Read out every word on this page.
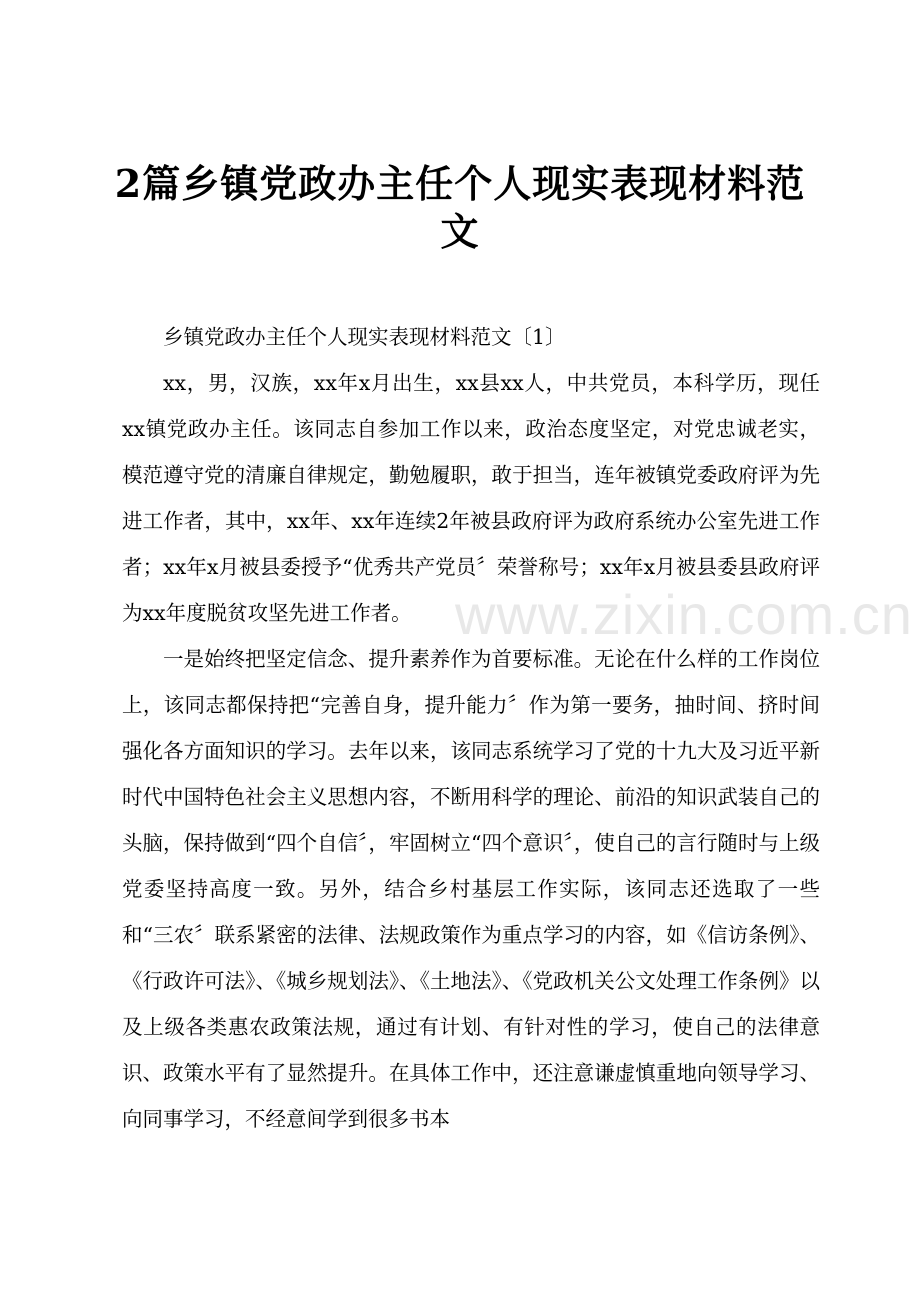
2篇乡镇党政办主任个人现实表现材料范文

乡镇党政办主任个人现实表现材料范文〔1〕

xx，男，汉族，xx年x月出生，xx县xx人，中共党员，本科学历，现任xx镇党政办主任。该同志自参加工作以来，政治态度坚定，对党忠诚老实，模范遵守党的清廉自律规定，勤勉履职，敢于担当，连年被镇党委政府评为先进工作者，其中，xx年、xx年连续2年被县政府评为政府系统办公室先进工作者；xx年x月被县委授予“优秀共产党员〞荣誉称号；xx年x月被县委县政府评为xx年度脱贫攻坚先进工作者。

一是始终把坚定信念、提升素养作为首要标准。无论在什么样的工作岗位上，该同志都保持把“完善自身，提升能力〞作为第一要务，抽时间、挤时间强化各方面知识的学习。去年以来，该同志系统学习了党的十九大及习近平新时代中国特色社会主义思想内容，不断用科学的理论、前沿的知识武装自己的头脑，保持做到“四个自信〞，牢固树立“四个意识〞，使自己的言行随时与上级党委坚持高度一致。另外，结合乡村基层工作实际，该同志还选取了一些和“三农〞联系紧密的法律、法规政策作为重点学习的内容，如《信访条例》、《行政许可法》、《城乡规划法》、《土地法》、《党政机关公文处理工作条例》以及上级各类惠农政策法规，通过有计划、有针对性的学习，使自己的法律意识、政策水平有了显然提升。在具体工作中，还注意谦虚慎重地向领导学习、向同事学习，不经意间学到很多书本

www.zixin.com.cn
